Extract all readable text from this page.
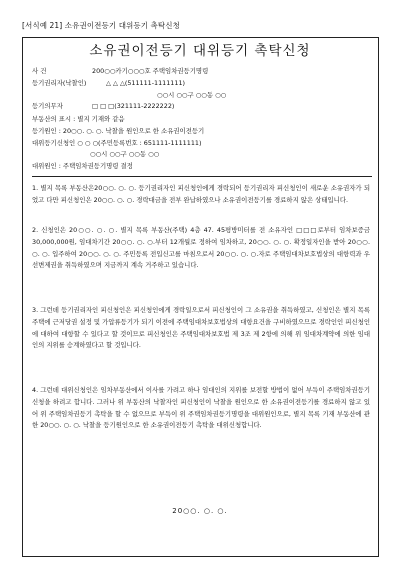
[서식예 21] 소유권이전등기 대위등기 촉탁신청
소유권이전등기 대위등기 촉탁신청
사 건	200○○카기○○○호 주택임차권등기명령
등기권리자(낙찰인)	△ △ △(511111-1111111)
○○시 ○○구 ○○동 ○○
등기의무자	□ □ □(321111-2222222)
부동산의 표시 : 별지 기재와 같음
등기원인 : 20○○. ○. ○. 낙찰을 원인으로 한 소유권이전등기
대위등기신청인 ○ ○ ○(주민등록번호 : 651111-1111111)
○○시 ○○구 ○○동 ○○
대위원인 : 주택임차권등기명령 결정
1. 별지 목록 부동산은20○○. ○. ○. 등기권리자인 피신청인에게 경락되어 등기권리자 피신청인이 새로운 소유권자가 되었고 다만 피신청인은 20○○. ○. ○. 경락대금을 전부 완납하였으나 소유권이전등기를 경료하지 않은 상태입니다.
2. 신청인은 20○○. ○. ○. 별지 목록 부동산(주택) 4층 47. 45평방미터를 전 소유자인 □□□로부터 임차보증금 30,000,000원, 임대차기간 20○○. ○. ○.부터 12개월로 정하여 임차하고, 20○○. ○. ○. 확정일자인을 받아 20○○. ○. ○. 입주하여 20○○. ○. ○. 주민등록 전입신고를 마침으로서 20○○. ○. ○.자로 주택임대차보호법상의 대항력과 우선변제권을 취득하였으며 지금까지 계속 거주하고 있습니다.
3. 그런데 등기권리자인 피신청인은 피신청인에게 경락일으로서 피신청인이 그 소유권을 취득하였고, 신청인은 별지 목록 주택에 근저당권 설정 및 가압류등기가 되기 이전에 주택임대차보호법상의 대항요건을 구비하였으므로 경락인인 피신청인에 대하여 대항할 수 있다고 할 것이므로 피신청인은 주택임대차보호법 제 3조 제 2항에 의해 위 임대차계약에 의한 임대인의 지위를 승계하였다고 할 것입니다.
4. 그런데 대위신청인은 임차부동산에서 이사를 가려고 하나 임대인의 지위를 보전할 방법이 없어 부득이 주택임차권등기신청을 하려고 합니다. 그러나 위 부동산의 낙찰자인 피신청인이 낙찰을 원인으로 한 소유권이전등기를 경료하지 않고 있어 위 주택임차권등기 촉탁을 할 수 없으므로 부득이 위 주택임차권등기명령을 대위원인으로, 별지 목록 기재 부동산에 관한 20○○. ○. ○. 낙찰을 등기원인으로 한 소유권이전등기 촉탁을 대위신청합니다.
20○○. ○. ○.
